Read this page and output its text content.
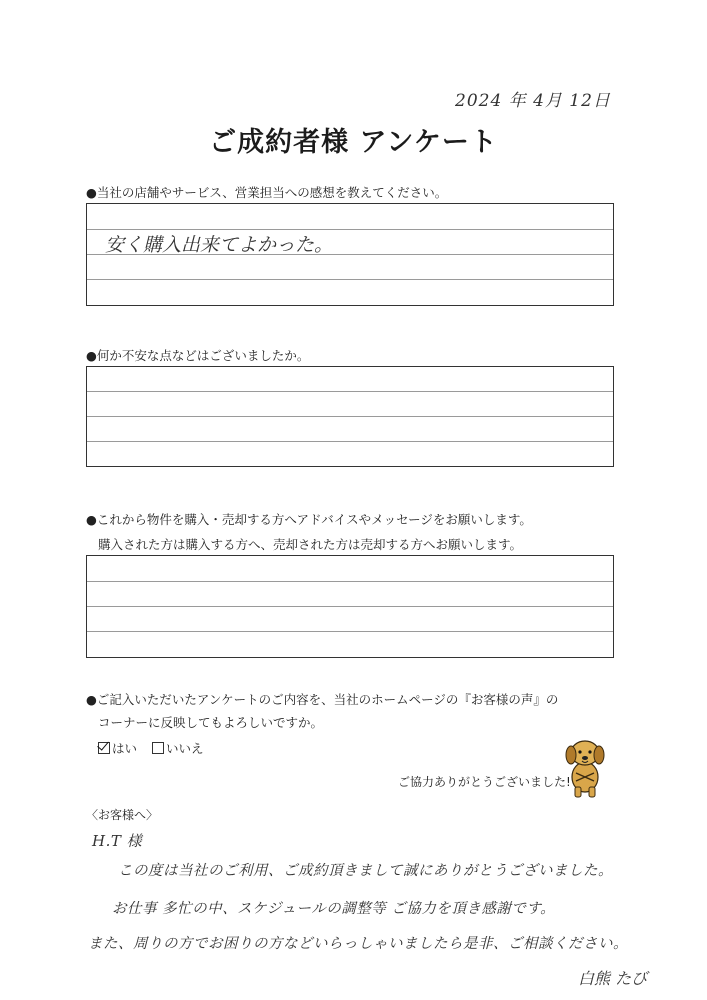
2024 年 4月 12日
ご成約者様 アンケート
●当社の店舗やサービス、営業担当への感想を教えてください。
安く購入出来てよかった。
●何か不安な点などはございましたか。
●これから物件を購入・売却する方へアドバイスやメッセージをお願いします。
購入された方は購入する方へ、売却された方は売却する方へお願いします。
●ご記入いただいたアンケートのご内容を、当社のホームページの『お客様の声』の
コーナーに反映してもよろしいですか。
はい	いいえ
ご協力ありがとうございました!
〈お客様へ〉
H.T 様
この度は当社のご利用、ご成約頂きまして誠にありがとうございました。
お仕事 多忙の中、スケジュールの調整等 ご協力を頂き感謝です。
また、周りの方でお困りの方などいらっしゃいましたら是非、ご相談ください。
白熊 たび
